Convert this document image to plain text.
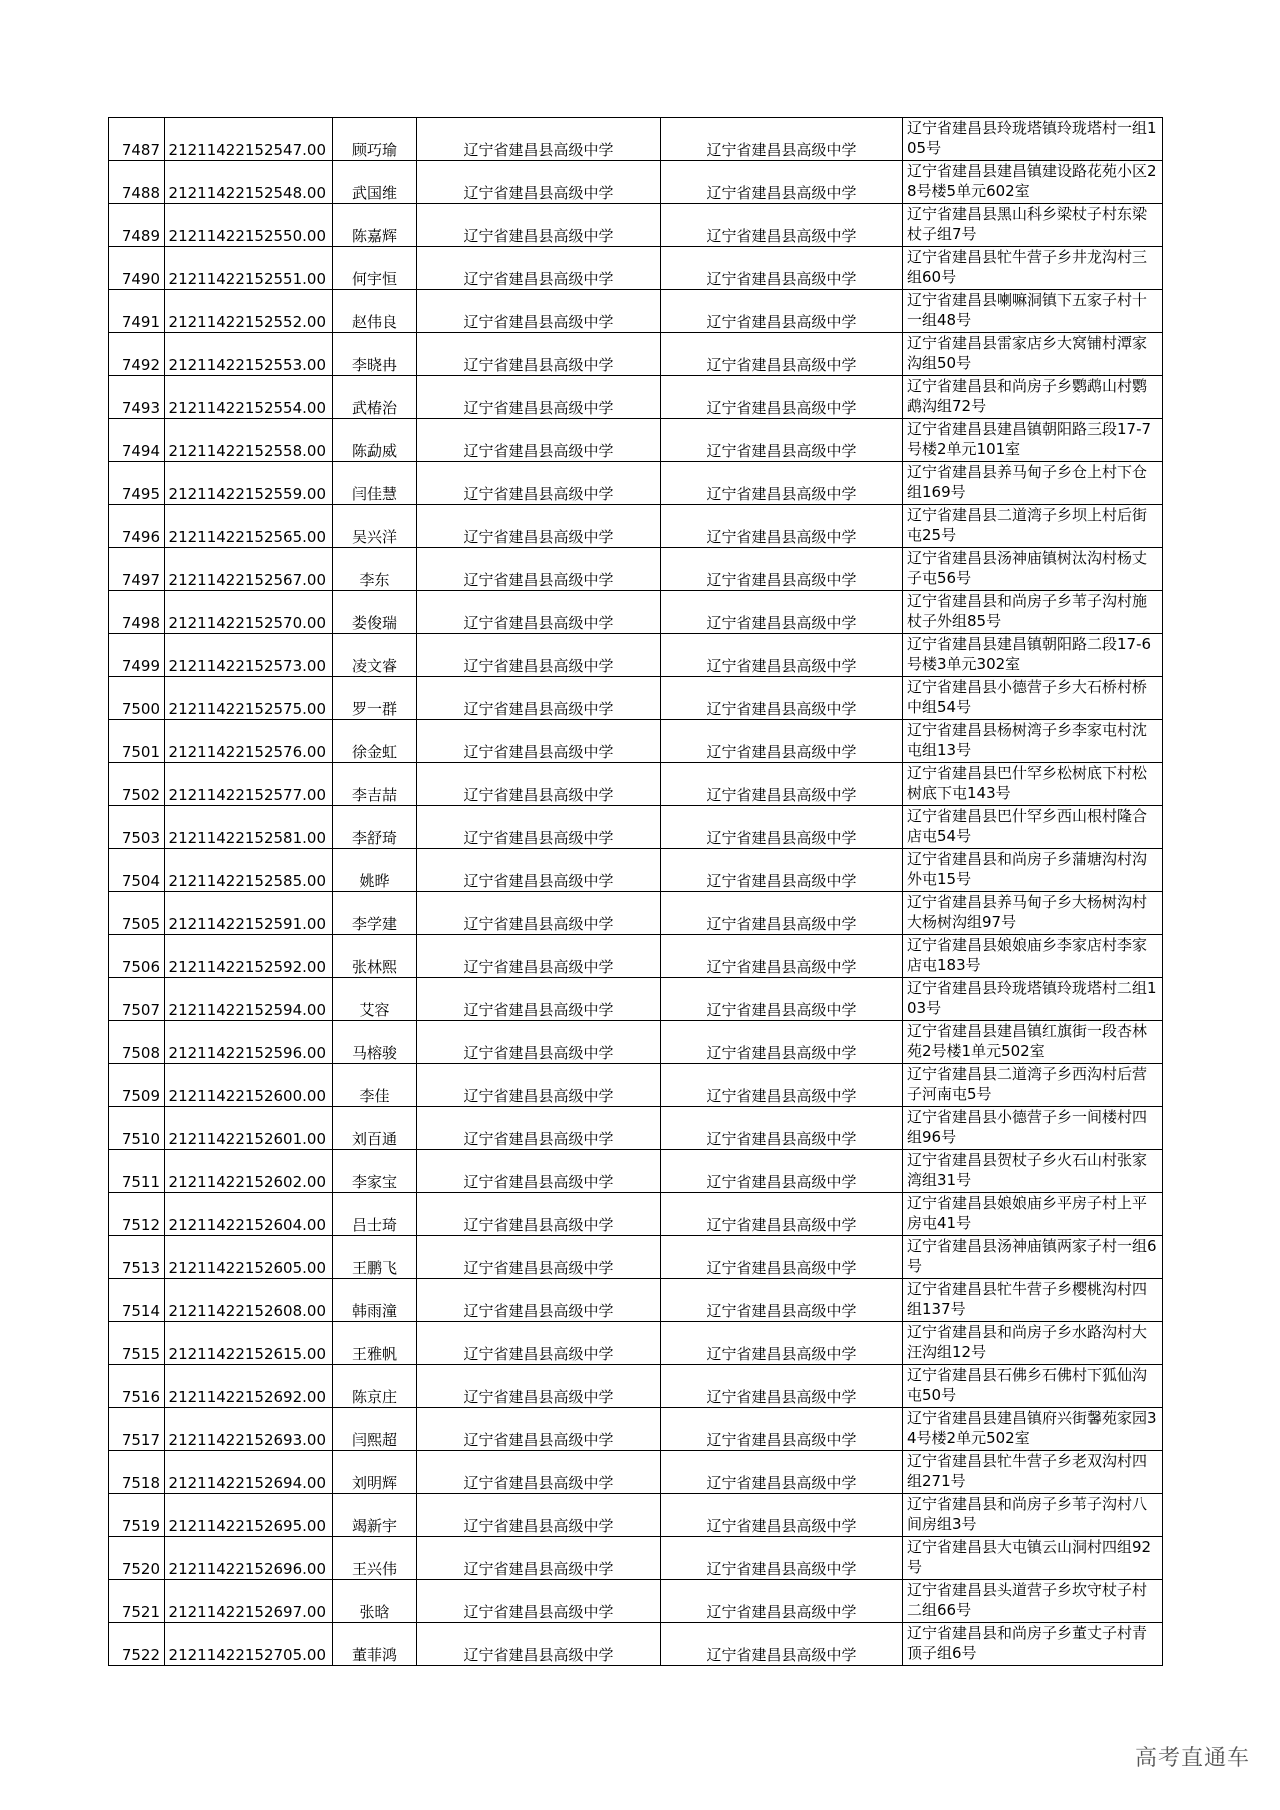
7487	21211422152547.00	顾巧瑜	辽宁省建昌县高级中学	辽宁省建昌县高级中学	辽宁省建昌县玲珑塔镇玲珑塔村一组105号
7488	21211422152548.00	武国维	辽宁省建昌县高级中学	辽宁省建昌县高级中学	辽宁省建昌县建昌镇建设路花苑小区28号楼5单元602室
7489	21211422152550.00	陈嘉辉	辽宁省建昌县高级中学	辽宁省建昌县高级中学	辽宁省建昌县黑山科乡梁杖子村东梁杖子组7号
7490	21211422152551.00	何宇恒	辽宁省建昌县高级中学	辽宁省建昌县高级中学	辽宁省建昌县牤牛营子乡井龙沟村三组60号
7491	21211422152552.00	赵伟良	辽宁省建昌县高级中学	辽宁省建昌县高级中学	辽宁省建昌县喇嘛洞镇下五家子村十一组48号
7492	21211422152553.00	李晓冉	辽宁省建昌县高级中学	辽宁省建昌县高级中学	辽宁省建昌县雷家店乡大窝铺村潭家沟组50号
7493	21211422152554.00	武椿治	辽宁省建昌县高级中学	辽宁省建昌县高级中学	辽宁省建昌县和尚房子乡鹦鹉山村鹦鹉沟组72号
7494	21211422152558.00	陈勐威	辽宁省建昌县高级中学	辽宁省建昌县高级中学	辽宁省建昌县建昌镇朝阳路三段17-7号楼2单元101室
7495	21211422152559.00	闫佳慧	辽宁省建昌县高级中学	辽宁省建昌县高级中学	辽宁省建昌县养马甸子乡仓上村下仓组169号
7496	21211422152565.00	吴兴洋	辽宁省建昌县高级中学	辽宁省建昌县高级中学	辽宁省建昌县二道湾子乡坝上村后街屯25号
7497	21211422152567.00	李东	辽宁省建昌县高级中学	辽宁省建昌县高级中学	辽宁省建昌县汤神庙镇树汰沟村杨丈子屯56号
7498	21211422152570.00	娄俊瑞	辽宁省建昌县高级中学	辽宁省建昌县高级中学	辽宁省建昌县和尚房子乡苇子沟村施杖子外组85号
7499	21211422152573.00	凌文睿	辽宁省建昌县高级中学	辽宁省建昌县高级中学	辽宁省建昌县建昌镇朝阳路二段17-6号楼3单元302室
7500	21211422152575.00	罗一群	辽宁省建昌县高级中学	辽宁省建昌县高级中学	辽宁省建昌县小德营子乡大石桥村桥中组54号
7501	21211422152576.00	徐金虹	辽宁省建昌县高级中学	辽宁省建昌县高级中学	辽宁省建昌县杨树湾子乡李家屯村沈屯组13号
7502	21211422152577.00	李吉喆	辽宁省建昌县高级中学	辽宁省建昌县高级中学	辽宁省建昌县巴什罕乡松树底下村松树底下屯143号
7503	21211422152581.00	李舒琦	辽宁省建昌县高级中学	辽宁省建昌县高级中学	辽宁省建昌县巴什罕乡西山根村隆合店屯54号
7504	21211422152585.00	姚晔	辽宁省建昌县高级中学	辽宁省建昌县高级中学	辽宁省建昌县和尚房子乡蒲塘沟村沟外屯15号
7505	21211422152591.00	李学建	辽宁省建昌县高级中学	辽宁省建昌县高级中学	辽宁省建昌县养马甸子乡大杨树沟村大杨树沟组97号
7506	21211422152592.00	张林熙	辽宁省建昌县高级中学	辽宁省建昌县高级中学	辽宁省建昌县娘娘庙乡李家店村李家店屯183号
7507	21211422152594.00	艾容	辽宁省建昌县高级中学	辽宁省建昌县高级中学	辽宁省建昌县玲珑塔镇玲珑塔村二组103号
7508	21211422152596.00	马榕骏	辽宁省建昌县高级中学	辽宁省建昌县高级中学	辽宁省建昌县建昌镇红旗街一段杏林苑2号楼1单元502室
7509	21211422152600.00	李佳	辽宁省建昌县高级中学	辽宁省建昌县高级中学	辽宁省建昌县二道湾子乡西沟村后营子河南屯5号
7510	21211422152601.00	刘百通	辽宁省建昌县高级中学	辽宁省建昌县高级中学	辽宁省建昌县小德营子乡一间楼村四组96号
7511	21211422152602.00	李家宝	辽宁省建昌县高级中学	辽宁省建昌县高级中学	辽宁省建昌县贺杖子乡火石山村张家湾组31号
7512	21211422152604.00	吕士琦	辽宁省建昌县高级中学	辽宁省建昌县高级中学	辽宁省建昌县娘娘庙乡平房子村上平房屯41号
7513	21211422152605.00	王鹏飞	辽宁省建昌县高级中学	辽宁省建昌县高级中学	辽宁省建昌县汤神庙镇两家子村一组6号
7514	21211422152608.00	韩雨潼	辽宁省建昌县高级中学	辽宁省建昌县高级中学	辽宁省建昌县牤牛营子乡樱桃沟村四组137号
7515	21211422152615.00	王雅帆	辽宁省建昌县高级中学	辽宁省建昌县高级中学	辽宁省建昌县和尚房子乡水路沟村大汪沟组12号
7516	21211422152692.00	陈京庄	辽宁省建昌县高级中学	辽宁省建昌县高级中学	辽宁省建昌县石佛乡石佛村下狐仙沟屯50号
7517	21211422152693.00	闫熙超	辽宁省建昌县高级中学	辽宁省建昌县高级中学	辽宁省建昌县建昌镇府兴街馨苑家园34号楼2单元502室
7518	21211422152694.00	刘明辉	辽宁省建昌县高级中学	辽宁省建昌县高级中学	辽宁省建昌县牤牛营子乡老双沟村四组271号
7519	21211422152695.00	竭新宇	辽宁省建昌县高级中学	辽宁省建昌县高级中学	辽宁省建昌县和尚房子乡苇子沟村八间房组3号
7520	21211422152696.00	王兴伟	辽宁省建昌县高级中学	辽宁省建昌县高级中学	辽宁省建昌县大屯镇云山洞村四组92号
7521	21211422152697.00	张晗	辽宁省建昌县高级中学	辽宁省建昌县高级中学	辽宁省建昌县头道营子乡坎守杖子村二组66号
7522	21211422152705.00	董菲鸿	辽宁省建昌县高级中学	辽宁省建昌县高级中学	辽宁省建昌县和尚房子乡董丈子村青顶子组6号
高考直通车
